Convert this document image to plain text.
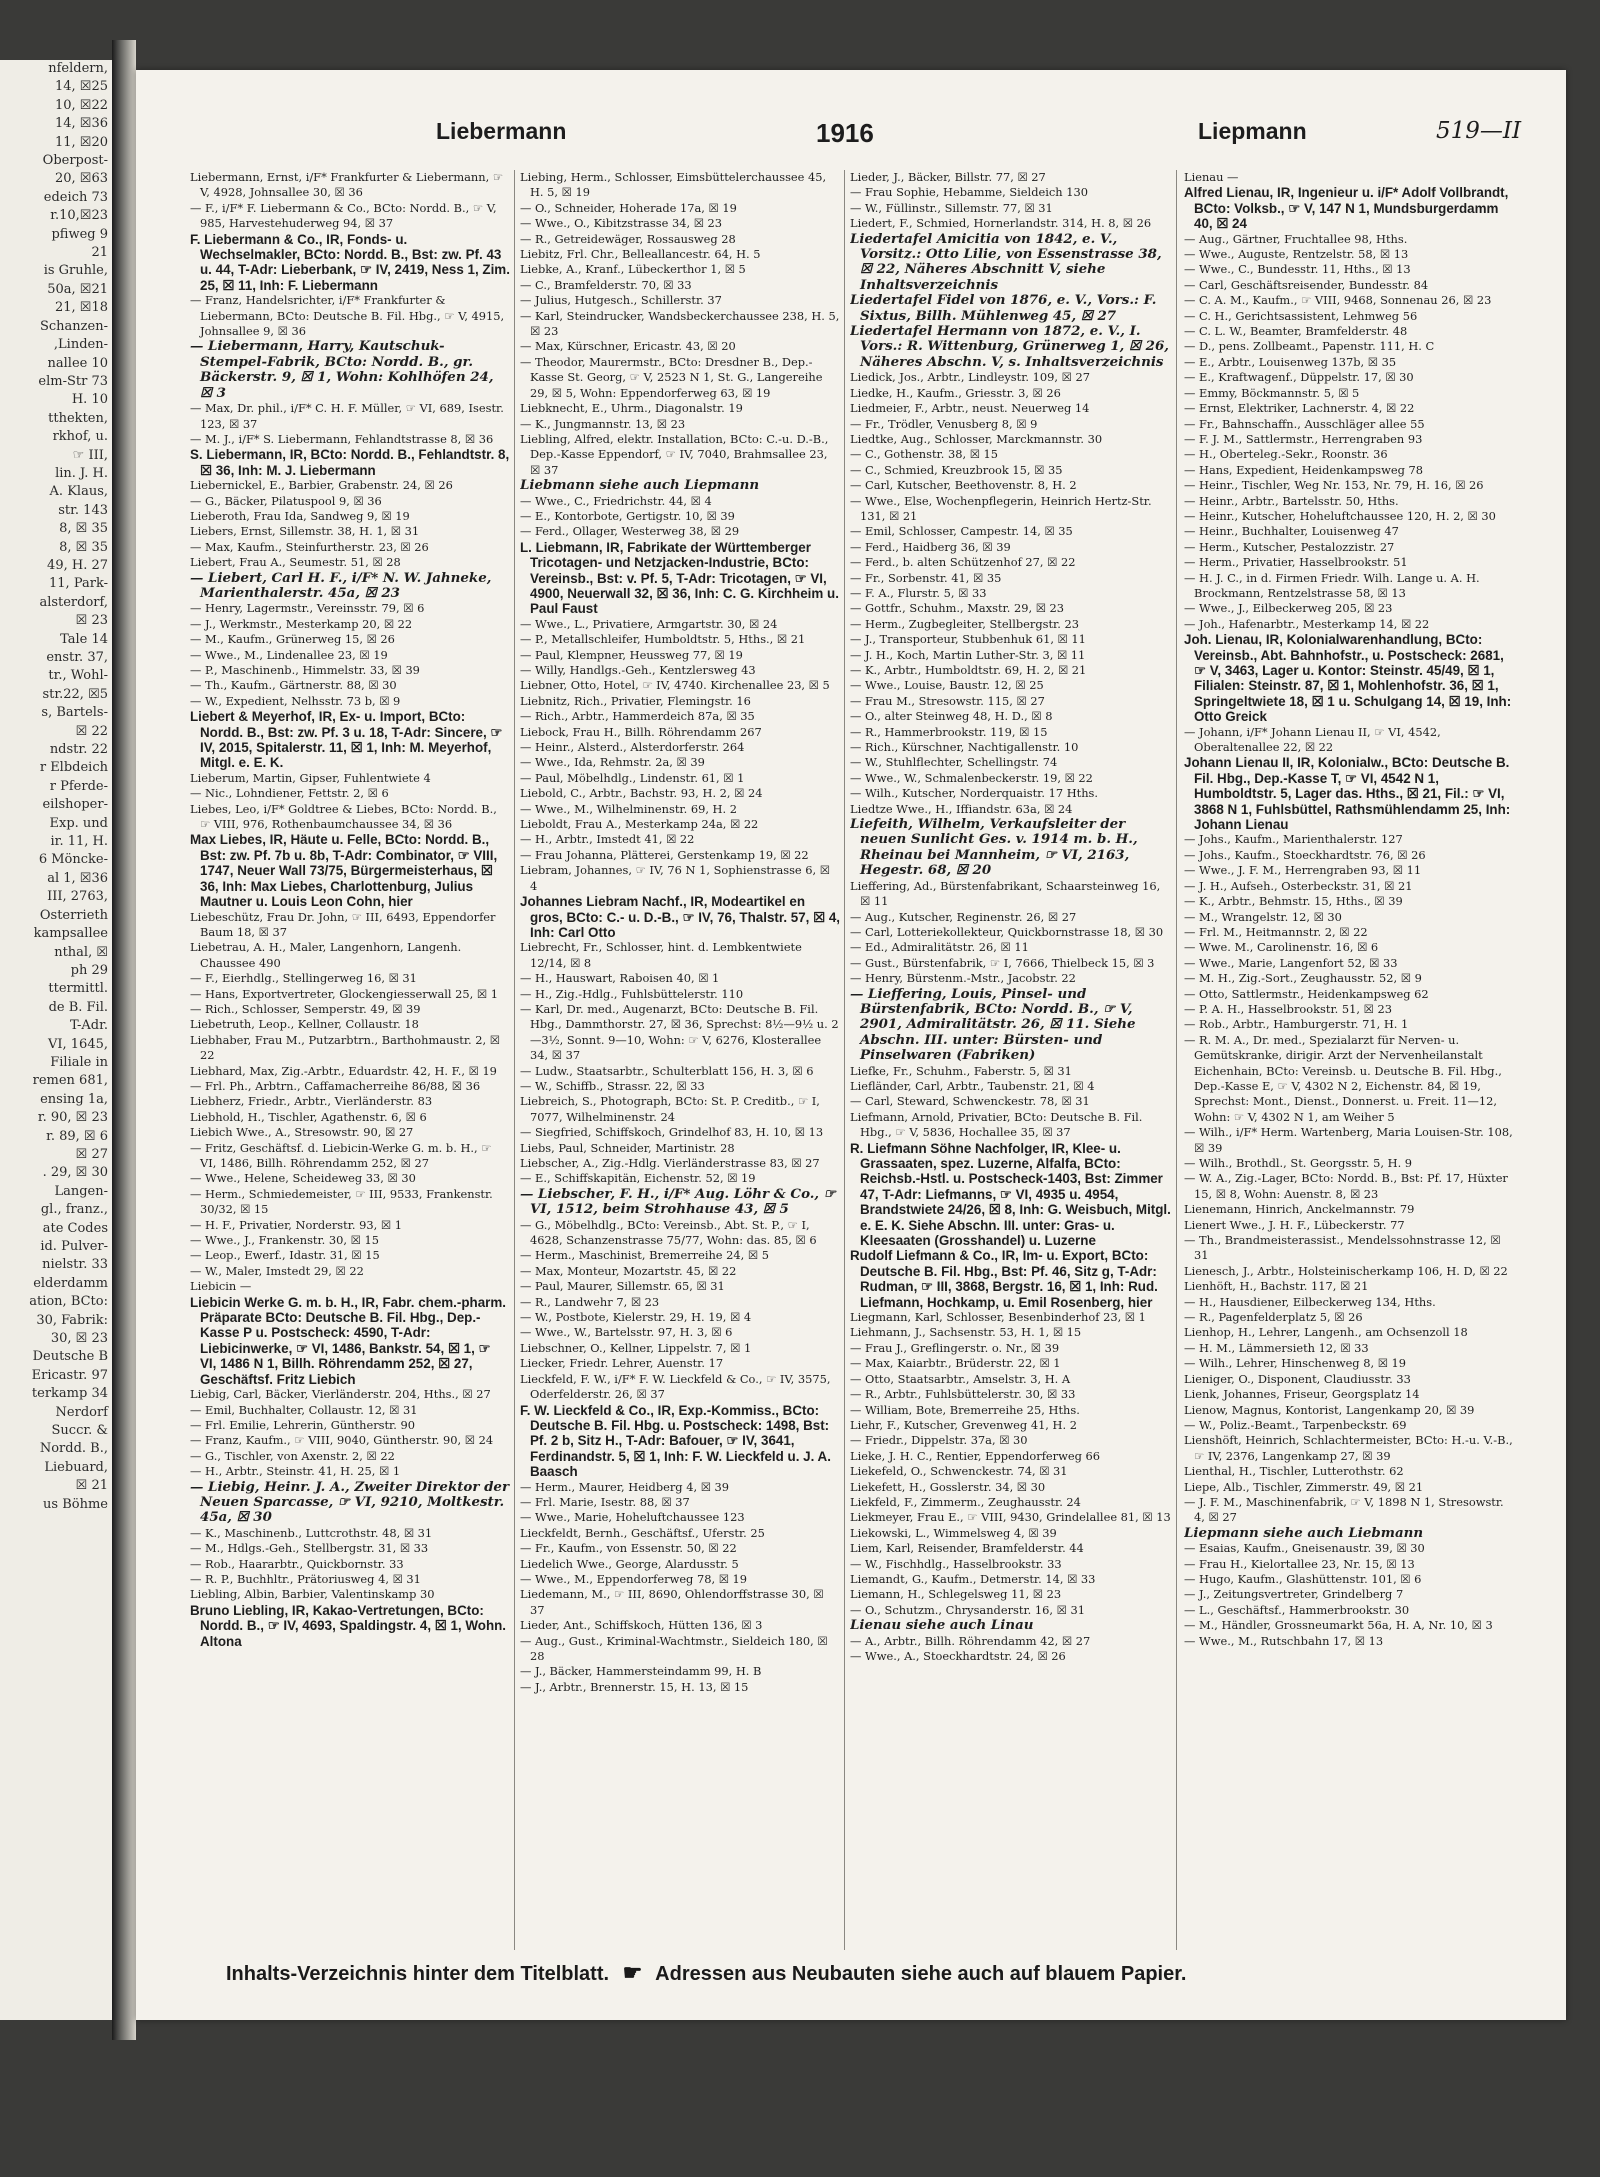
nfeldern,
14, ☒25
10, ☒22
14, ☒36
11, ☒20
Oberpost-
20, ☒63
edeich 73
r.10,☒23
pfiweg 9
21
is Gruhle,
50a, ☒21
21, ☒18
Schanzen-
,Linden-
nallee 10
elm-Str 73
H. 10
tthekten,
rkhof, u.
☞ III,
lin. J. H.
A. Klaus,
str. 143
8, ☒ 35
8, ☒ 35
49, H. 27
11, Park-
alsterdorf,
☒ 23
Tale 14
enstr. 37,
tr., Wohl-
str.22, ☒5
s, Bartels-
☒ 22
ndstr. 22
r Elbdeich
r Pferde-
eilshoper-
Exp. und
ir. 11, H.
6 Möncke-
al 1, ☒36
III, 2763,
Osterrieth
kampsallee
nthal, ☒
ph 29
ttermittl.
de B. Fil.
T-Adr.
VI, 1645,
Filiale in
remen 681,
ensing 1a,
r. 90, ☒ 23
r. 89, ☒ 6
☒ 27
. 29, ☒ 30
Langen-
gl., franz.,
ate Codes
id. Pulver-
nielstr. 33
elderdamm
ation, BCto:
30, Fabrik:
30, ☒ 23
Deutsche B
Ericastr. 97
terkamp 34
Nerdorf
Succr. &
Nordd. B.,
Liebuard,
☒ 21
us Böhme
Liebermann	1916	Liepmann	519—II
Liebermann, Ernst, i/F* Frankfurter & Liebermann, ☞ V, 4928, Johnsallee 30, ☒ 36
— F., i/F* F. Liebermann & Co., BCto: Nordd. B., ☞ V, 985, Harvestehuderweg 94, ☒ 37
F. Liebermann & Co., IR, Fonds- u. Wechselmakler, BCto: Nordd. B., Bst: zw. Pf. 43 u. 44, T-Adr: Lieberbank, ☞ IV, 2419, Ness 1, Zim. 25, ☒ 11, Inh: F. Liebermann
— Franz, Handelsrichter, i/F* Frankfurter & Liebermann, BCto: Deutsche B. Fil. Hbg., ☞ V, 4915, Johnsallee 9, ☒ 36
— Liebermann, Harry, Kautschuk-Stempel-Fabrik, BCto: Nordd. B., gr. Bäckerstr. 9, ☒ 1, Wohn: Kohlhöfen 24, ☒ 3
— Max, Dr. phil., i/F* C. H. F. Müller, ☞ VI, 689, Isestr. 123, ☒ 37
— M. J., i/F* S. Liebermann, Fehlandtstrasse 8, ☒ 36
S. Liebermann, IR, BCto: Nordd. B., Fehlandtstr. 8, ☒ 36, Inh: M. J. Liebermann
Liebernickel, E., Barbier, Grabenstr. 24, ☒ 26
— G., Bäcker, Pilatuspool 9, ☒ 36
Lieberoth, Frau Ida, Sandweg 9, ☒ 19
Liebers, Ernst, Sillemstr. 38, H. 1, ☒ 31
— Max, Kaufm., Steinfurtherstr. 23, ☒ 26
Liebert, Frau A., Seumestr. 51, ☒ 28
— Liebert, Carl H. F., i/F* N. W. Jahneke, Marienthalerstr. 45a, ☒ 23
— Henry, Lagermstr., Vereinsstr. 79, ☒ 6
— J., Werkmstr., Mesterkamp 20, ☒ 22
— M., Kaufm., Grünerweg 15, ☒ 26
— Wwe., M., Lindenallee 23, ☒ 19
— P., Maschinenb., Himmelstr. 33, ☒ 39
— Th., Kaufm., Gärtnerstr. 88, ☒ 30
— W., Expedient, Nelhsstr. 73 b, ☒ 9
Liebert & Meyerhof, IR, Ex- u. Import, BCto: Nordd. B., Bst: zw. Pf. 3 u. 18, T-Adr: Sincere, ☞ IV, 2015, Spitalerstr. 11, ☒ 1, Inh: M. Meyerhof, Mitgl. e. E. K.
Lieberum, Martin, Gipser, Fuhlentwiete 4
— Nic., Lohndiener, Fettstr. 2, ☒ 6
Liebes, Leo, i/F* Goldtree & Liebes, BCto: Nordd. B., ☞ VIII, 976, Rothenbaumchaussee 34, ☒ 36
Max Liebes, IR, Häute u. Felle, BCto: Nordd. B., Bst: zw. Pf. 7b u. 8b, T-Adr: Combinator, ☞ VIII, 1747, Neuer Wall 73/75, Bürgermeisterhaus, ☒ 36, Inh: Max Liebes, Charlottenburg, Julius Mautner u. Louis Leon Cohn, hier
Liebeschütz, Frau Dr. John, ☞ III, 6493, Eppendorfer Baum 18, ☒ 37
Liebetrau, A. H., Maler, Langenhorn, Langenh. Chaussee 490
— F., Eierhdlg., Stellingerweg 16, ☒ 31
— Hans, Exportvertreter, Glockengiesserwall 25, ☒ 1
— Rich., Schlosser, Semperstr. 49, ☒ 39
Liebetruth, Leop., Kellner, Collaustr. 18
Liebhaber, Frau M., Putzarbtrn., Barthohmaustr. 2, ☒ 22
Liebhard, Max, Zig.-Arbtr., Eduardstr. 42, H. F., ☒ 19
— Frl. Ph., Arbtrn., Caffamacherreihe 86/88, ☒ 36
Liebherz, Friedr., Arbtr., Vierländerstr. 83
Liebhold, H., Tischler, Agathenstr. 6, ☒ 6
Liebich Wwe., A., Stresowstr. 90, ☒ 27
— Fritz, Geschäftsf. d. Liebicin-Werke G. m. b. H., ☞ VI, 1486, Billh. Röhrendamm 252, ☒ 27
— Wwe., Helene, Scheideweg 33, ☒ 30
— Herm., Schmiedemeister, ☞ III, 9533, Frankenstr. 30/32, ☒ 15
— H. F., Privatier, Norderstr. 93, ☒ 1
— Wwe., J., Frankenstr. 30, ☒ 15
— Leop., Ewerf., Idastr. 31, ☒ 15
— W., Maler, Imstedt 29, ☒ 22
Liebicin —
Liebicin Werke G. m. b. H., IR, Fabr. chem.-pharm. Präparate BCto: Deutsche B. Fil. Hbg., Dep.-Kasse P u. Postscheck: 4590, T-Adr: Liebicinwerke, ☞ VI, 1486, Bankstr. 54, ☒ 1, ☞ VI, 1486 N 1, Billh. Röhrendamm 252, ☒ 27, Geschäftsf. Fritz Liebich
Liebig, Carl, Bäcker, Vierländerstr. 204, Hths., ☒ 27
— Emil, Buchhalter, Collaustr. 12, ☒ 31
— Frl. Emilie, Lehrerin, Güntherstr. 90
— Franz, Kaufm., ☞ VIII, 9040, Güntherstr. 90, ☒ 24
— G., Tischler, von Axenstr. 2, ☒ 22
— H., Arbtr., Steinstr. 41, H. 25, ☒ 1
— Liebig, Heinr. J. A., Zweiter Direktor der Neuen Sparcasse, ☞ VI, 9210, Moltkestr. 45a, ☒ 30
— K., Maschinenb., Luttcrothstr. 48, ☒ 31
— M., Hdlgs.-Geh., Stellbergstr. 31, ☒ 33
— Rob., Haararbtr., Quickbornstr. 33
— R. P., Buchhltr., Prätoriusweg 4, ☒ 31
Liebling, Albin, Barbier, Valentinskamp 30
Bruno Liebling, IR, Kakao-Vertretungen, BCto: Nordd. B., ☞ IV, 4693, Spaldingstr. 4, ☒ 1, Wohn. Altona
Liebing, Herm., Schlosser, Eimsbüttelerchaussee 45, H. 5, ☒ 19
— O., Schneider, Hoherade 17a, ☒ 19
— Wwe., O., Kibitzstrasse 34, ☒ 23
— R., Getreidewäger, Rossausweg 28
Liebitz, Frl. Chr., Belleallancestr. 64, H. 5
Liebke, A., Kranf., Lübeckerthor 1, ☒ 5
— C., Bramfelderstr. 70, ☒ 33
— Julius, Hutgesch., Schillerstr. 37
— Karl, Steindrucker, Wandsbeckerchaussee 238, H. 5, ☒ 23
— Max, Kürschner, Ericastr. 43, ☒ 20
— Theodor, Maurermstr., BCto: Dresdner B., Dep.-Kasse St. Georg, ☞ V, 2523 N 1, St. G., Langereihe 29, ☒ 5, Wohn: Eppendorferweg 63, ☒ 19
Liebknecht, E., Uhrm., Diagonalstr. 19
— K., Jungmannstr. 13, ☒ 23
Liebling, Alfred, elektr. Installation, BCto: C.-u. D.-B., Dep.-Kasse Eppendorf, ☞ IV, 7040, Brahmsallee 23, ☒ 37
Liebmann siehe auch Liepmann
— Wwe., C., Friedrichstr. 44, ☒ 4
— E., Kontorbote, Gertigstr. 10, ☒ 39
— Ferd., Ollager, Westerweg 38, ☒ 29
L. Liebmann, IR, Fabrikate der Württemberger Tricotagen- und Netzjacken-Industrie, BCto: Vereinsb., Bst: v. Pf. 5, T-Adr: Tricotagen, ☞ VI, 4900, Neuerwall 32, ☒ 36, Inh: C. G. Kirchheim u. Paul Faust
— Wwe., L., Privatiere, Armgartstr. 30, ☒ 24
— P., Metallschleifer, Humboldtstr. 5, Hths., ☒ 21
— Paul, Klempner, Heussweg 77, ☒ 19
— Willy, Handlgs.-Geh., Kentzlersweg 43
Liebner, Otto, Hotel, ☞ IV, 4740. Kirchenallee 23, ☒ 5
Liebnitz, Rich., Privatier, Flemingstr. 16
— Rich., Arbtr., Hammerdeich 87a, ☒ 35
Liebock, Frau H., Billh. Röhrendamm 267
— Heinr., Alsterd., Alsterdorferstr. 264
— Wwe., Ida, Rehmstr. 2a, ☒ 39
— Paul, Möbelhdlg., Lindenstr. 61, ☒ 1
Liebold, C., Arbtr., Bachstr. 93, H. 2, ☒ 24
— Wwe., M., Wilhelminenstr. 69, H. 2
Lieboldt, Frau A., Mesterkamp 24a, ☒ 22
— H., Arbtr., Imstedt 41, ☒ 22
— Frau Johanna, Plätterei, Gerstenkamp 19, ☒ 22
Liebram, Johannes, ☞ IV, 76 N 1, Sophienstrasse 6, ☒ 4
Johannes Liebram Nachf., IR, Modeartikel en gros, BCto: C.- u. D.-B., ☞ IV, 76, Thalstr. 57, ☒ 4, Inh: Carl Otto
Liebrecht, Fr., Schlosser, hint. d. Lembkentwiete 12/14, ☒ 8
— H., Hauswart, Raboisen 40, ☒ 1
— H., Zig.-Hdlg., Fuhlsbüttelerstr. 110
— Karl, Dr. med., Augenarzt, BCto: Deutsche B. Fil. Hbg., Dammthorstr. 27, ☒ 36, Sprechst: 8½—9½ u. 2—3½, Sonnt. 9—10, Wohn: ☞ V, 6276, Klosterallee 34, ☒ 37
— Ludw., Staatsarbtr., Schulterblatt 156, H. 3, ☒ 6
— W., Schiffb., Strassr. 22, ☒ 33
Liebreich, S., Photograph, BCto: St. P. Creditb., ☞ I, 7077, Wilhelminenstr. 24
— Siegfried, Schiffskoch, Grindelhof 83, H. 10, ☒ 13
Liebs, Paul, Schneider, Martinistr. 28
Liebscher, A., Zig.-Hdlg. Vierländerstrasse 83, ☒ 27
— E., Schiffskapitän, Eichenstr. 52, ☒ 19
— Liebscher, F. H., i/F* Aug. Löhr & Co., ☞ VI, 1512, beim Strohhause 43, ☒ 5
— G., Möbelhdlg., BCto: Vereinsb., Abt. St. P., ☞ I, 4628, Schanzenstrasse 75/77, Wohn: das. 85, ☒ 6
— Herm., Maschinist, Bremerreihe 24, ☒ 5
— Max, Monteur, Mozartstr. 45, ☒ 22
— Paul, Maurer, Sillemstr. 65, ☒ 31
— R., Landwehr 7, ☒ 23
— W., Postbote, Kielerstr. 29, H. 19, ☒ 4
— Wwe., W., Bartelsstr. 97, H. 3, ☒ 6
Liebschner, O., Kellner, Lippelstr. 7, ☒ 1
Liecker, Friedr. Lehrer, Auenstr. 17
Lieckfeld, F. W., i/F* F. W. Lieckfeld & Co., ☞ IV, 3575, Oderfelderstr. 26, ☒ 37
F. W. Lieckfeld & Co., IR, Exp.-Kommiss., BCto: Deutsche B. Fil. Hbg. u. Postscheck: 1498, Bst: Pf. 2 b, Sitz H., T-Adr: Bafouer, ☞ IV, 3641, Ferdinandstr. 5, ☒ 1, Inh: F. W. Lieckfeld u. J. A. Baasch
— Herm., Maurer, Heidberg 4, ☒ 39
— Frl. Marie, Isestr. 88, ☒ 37
— Wwe., Marie, Hoheluftchaussee 123
Lieckfeldt, Bernh., Geschäftsf., Uferstr. 25
— Fr., Kaufm., von Essenstr. 50, ☒ 22
Liedelich Wwe., George, Alardusstr. 5
— Wwe., M., Eppendorferweg 78, ☒ 19
Liedemann, M., ☞ III, 8690, Ohlendorffstrasse 30, ☒ 37
Lieder, Ant., Schiffskoch, Hütten 136, ☒ 3
— Aug., Gust., Kriminal-Wachtmstr., Sieldeich 180, ☒ 28
— J., Bäcker, Hammersteindamm 99, H. B
— J., Arbtr., Brennerstr. 15, H. 13, ☒ 15
Lieder, J., Bäcker, Billstr. 77, ☒ 27
— Frau Sophie, Hebamme, Sieldeich 130
— W., Füllinstr., Sillemstr. 77, ☒ 31
Liedert, F., Schmied, Hornerlandstr. 314, H. 8, ☒ 26
Liedertafel Amicitia von 1842, e. V., Vorsitz.: Otto Lilie, von Essenstrasse 38, ☒ 22, Näheres Abschnitt V, siehe Inhaltsverzeichnis
Liedertafel Fidel von 1876, e. V., Vors.: F. Sixtus, Billh. Mühlenweg 45, ☒ 27
Liedertafel Hermann von 1872, e. V., I. Vors.: R. Wittenburg, Grünerweg 1, ☒ 26, Näheres Abschn. V, s. Inhaltsverzeichnis
Liedick, Jos., Arbtr., Lindleystr. 109, ☒ 27
Liedke, H., Kaufm., Griesstr. 3, ☒ 26
Liedmeier, F., Arbtr., neust. Neuerweg 14
— Fr., Trödler, Venusberg 8, ☒ 9
Liedtke, Aug., Schlosser, Marckmannstr. 30
— C., Gothenstr. 38, ☒ 15
— C., Schmied, Kreuzbrook 15, ☒ 35
— Carl, Kutscher, Beethovenstr. 8, H. 2
— Wwe., Else, Wochenpflegerin, Heinrich Hertz-Str. 131, ☒ 21
— Emil, Schlosser, Campestr. 14, ☒ 35
— Ferd., Haidberg 36, ☒ 39
— Ferd., b. alten Schützenhof 27, ☒ 22
— Fr., Sorbenstr. 41, ☒ 35
— F. A., Flurstr. 5, ☒ 33
— Gottfr., Schuhm., Maxstr. 29, ☒ 23
— Herm., Zugbegleiter, Stellbergstr. 23
— J., Transporteur, Stubbenhuk 61, ☒ 11
— J. H., Koch, Martin Luther-Str. 3, ☒ 11
— K., Arbtr., Humboldtstr. 69, H. 2, ☒ 21
— Wwe., Louise, Baustr. 12, ☒ 25
— Frau M., Stresowstr. 115, ☒ 27
— O., alter Steinweg 48, H. D., ☒ 8
— R., Hammerbrookstr. 119, ☒ 15
— Rich., Kürschner, Nachtigallenstr. 10
— W., Stuhlflechter, Schellingstr. 74
— Wwe., W., Schmalenbeckerstr. 19, ☒ 22
— Wilh., Kutscher, Norderquaistr. 17 Hths.
Liedtze Wwe., H., Iffiandstr. 63a, ☒ 24
Liefeith, Wilhelm, Verkaufsleiter der neuen Sunlicht Ges. v. 1914 m. b. H., Rheinau bei Mannheim, ☞ VI, 2163, Hegestr. 68, ☒ 20
Lieffering, Ad., Bürstenfabrikant, Schaarsteinweg 16, ☒ 11
— Aug., Kutscher, Reginenstr. 26, ☒ 27
— Carl, Lotteriekollekteur, Quickbornstrasse 18, ☒ 30
— Ed., Admiralitätstr. 26, ☒ 11
— Gust., Bürstenfabrik, ☞ I, 7666, Thielbeck 15, ☒ 3
— Henry, Bürstenm.-Mstr., Jacobstr. 22
— Lieffering, Louis, Pinsel- und Bürstenfabrik, BCto: Nordd. B., ☞ V, 2901, Admiralitätstr. 26, ☒ 11. Siehe Abschn. III. unter: Bürsten- und Pinselwaren (Fabriken)
Liefke, Fr., Schuhm., Faberstr. 5, ☒ 31
Liefländer, Carl, Arbtr., Taubenstr. 21, ☒ 4
— Carl, Steward, Schwenckestr. 78, ☒ 31
Liefmann, Arnold, Privatier, BCto: Deutsche B. Fil. Hbg., ☞ V, 5836, Hochallee 35, ☒ 37
R. Liefmann Söhne Nachfolger, IR, Klee- u. Grassaaten, spez. Luzerne, Alfalfa, BCto: Reichsb.-Hstl. u. Postscheck-1403, Bst: Zimmer 47, T-Adr: Liefmanns, ☞ VI, 4935 u. 4954, Brandstwiete 24/26, ☒ 8, Inh: G. Weisbuch, Mitgl. e. E. K. Siehe Abschn. III. unter: Gras- u. Kleesaaten (Grosshandel) u. Luzerne
Rudolf Liefmann & Co., IR, Im- u. Export, BCto: Deutsche B. Fil. Hbg., Bst: Pf. 46, Sitz g, T-Adr: Rudman, ☞ III, 3868, Bergstr. 16, ☒ 1, Inh: Rud. Liefmann, Hochkamp, u. Emil Rosenberg, hier
Liegmann, Karl, Schlosser, Besenbinderhof 23, ☒ 1
Liehmann, J., Sachsenstr. 53, H. 1, ☒ 15
— Frau J., Greflingerstr. o. Nr., ☒ 39
— Max, Kaiarbtr., Brüderstr. 22, ☒ 1
— Otto, Staatsarbtr., Amselstr. 3, H. A
— R., Arbtr., Fuhlsbüttelerstr. 30, ☒ 33
— William, Bote, Bremerreihe 25, Hths.
Liehr, F., Kutscher, Grevenweg 41, H. 2
— Friedr., Dippelstr. 37a, ☒ 30
Lieke, J. H. C., Rentier, Eppendorferweg 66
Liekefeld, O., Schwenckestr. 74, ☒ 31
Liekefett, H., Gosslerstr. 34, ☒ 30
Liekfeld, F., Zimmerm., Zeughausstr. 24
Liekmeyer, Frau E., ☞ VIII, 9430, Grindelallee 81, ☒ 13
Liekowski, L., Wimmelsweg 4, ☒ 39
Liem, Karl, Reisender, Bramfelderstr. 44
— W., Fischhdlg., Hasselbrookstr. 33
Liemandt, G., Kaufm., Detmerstr. 14, ☒ 33
Liemann, H., Schlegelsweg 11, ☒ 23
— O., Schutzm., Chrysanderstr. 16, ☒ 31
Lienau siehe auch Linau
— A., Arbtr., Billh. Röhrendamm 42, ☒ 27
— Wwe., A., Stoeckhardtstr. 24, ☒ 26
Lienau —
Alfred Lienau, IR, Ingenieur u. i/F* Adolf Vollbrandt, BCto: Volksb., ☞ V, 147 N 1, Mundsburgerdamm 40, ☒ 24
— Aug., Gärtner, Fruchtallee 98, Hths.
— Wwe., Auguste, Rentzelstr. 58, ☒ 13
— Wwe., C., Bundesstr. 11, Hths., ☒ 13
— Carl, Geschäftsreisender, Bundesstr. 84
— C. A. M., Kaufm., ☞ VIII, 9468, Sonnenau 26, ☒ 23
— C. H., Gerichtsassistent, Lehmweg 56
— C. L. W., Beamter, Bramfelderstr. 48
— D., pens. Zollbeamt., Papenstr. 111, H. C
— E., Arbtr., Louisenweg 137b, ☒ 35
— E., Kraftwagenf., Düppelstr. 17, ☒ 30
— Emmy, Böckmannstr. 5, ☒ 5
— Ernst, Elektriker, Lachnerstr. 4, ☒ 22
— Fr., Bahnschaffn., Ausschläger allee 55
— F. J. M., Sattlermstr., Herrengraben 93
— H., Oberteleg.-Sekr., Roonstr. 36
— Hans, Expedient, Heidenkampsweg 78
— Heinr., Tischler, Weg Nr. 153, Nr. 79, H. 16, ☒ 26
— Heinr., Arbtr., Bartelsstr. 50, Hths.
— Heinr., Kutscher, Hoheluftchaussee 120, H. 2, ☒ 30
— Heinr., Buchhalter, Louisenweg 47
— Herm., Kutscher, Pestalozzistr. 27
— Herm., Privatier, Hasselbrookstr. 51
— H. J. C., in d. Firmen Friedr. Wilh. Lange u. A. H. Brockmann, Rentzelstrasse 58, ☒ 13
— Wwe., J., Eilbeckerweg 205, ☒ 23
— Joh., Hafenarbtr., Mesterkamp 14, ☒ 22
Joh. Lienau, IR, Kolonialwarenhandlung, BCto: Vereinsb., Abt. Bahnhofstr., u. Postscheck: 2681, ☞ V, 3463, Lager u. Kontor: Steinstr. 45/49, ☒ 1, Filialen: Steinstr. 87, ☒ 1, Mohlenhofstr. 36, ☒ 1, Springeltwiete 18, ☒ 1 u. Schulgang 14, ☒ 19, Inh: Otto Greick
— Johann, i/F* Johann Lienau II, ☞ VI, 4542, Oberaltenallee 22, ☒ 22
Johann Lienau II, IR, Kolonialw., BCto: Deutsche B. Fil. Hbg., Dep.-Kasse T, ☞ VI, 4542 N 1, Humboldtstr. 5, Lager das. Hths., ☒ 21, Fil.: ☞ VI, 3868 N 1, Fuhlsbüttel, Rathsmühlendamm 25, Inh: Johann Lienau
— Johs., Kaufm., Marienthalerstr. 127
— Johs., Kaufm., Stoeckhardtstr. 76, ☒ 26
— Wwe., J. F. M., Herrengraben 93, ☒ 11
— J. H., Aufseh., Osterbeckstr. 31, ☒ 21
— K., Arbtr., Behmstr. 15, Hths., ☒ 39
— M., Wrangelstr. 12, ☒ 30
— Frl. M., Heitmannstr. 2, ☒ 22
— Wwe. M., Carolinenstr. 16, ☒ 6
— Wwe., Marie, Langenfort 52, ☒ 33
— M. H., Zig.-Sort., Zeughausstr. 52, ☒ 9
— Otto, Sattlermstr., Heidenkampsweg 62
— P. A. H., Hasselbrookstr. 51, ☒ 23
— Rob., Arbtr., Hamburgerstr. 71, H. 1
— R. M. A., Dr. med., Spezialarzt für Nerven- u. Gemütskranke, dirigir. Arzt der Nervenheilanstalt Eichenhain, BCto: Vereinsb. u. Deutsche B. Fil. Hbg., Dep.-Kasse E, ☞ V, 4302 N 2, Eichenstr. 84, ☒ 19, Sprechst: Mont., Dienst., Donnerst. u. Freit. 11—12, Wohn: ☞ V, 4302 N 1, am Weiher 5
— Wilh., i/F* Herm. Wartenberg, Maria Louisen-Str. 108, ☒ 39
— Wilh., Brothdl., St. Georgsstr. 5, H. 9
— W. A., Zig.-Lager, BCto: Nordd. B., Bst: Pf. 17, Hüxter 15, ☒ 8, Wohn: Auenstr. 8, ☒ 23
Lienemann, Hinrich, Anckelmannstr. 79
Lienert Wwe., J. H. F., Lübeckerstr. 77
— Th., Brandmeisterassist., Mendelssohnstrasse 12, ☒ 31
Lienesch, J., Arbtr., Holsteinischerkamp 106, H. D, ☒ 22
Lienhöft, H., Bachstr. 117, ☒ 21
— H., Hausdiener, Eilbeckerweg 134, Hths.
— R., Pagenfelderplatz 5, ☒ 26
Lienhop, H., Lehrer, Langenh., am Ochsenzoll 18
— H. M., Lämmersieth 12, ☒ 33
— Wilh., Lehrer, Hinschenweg 8, ☒ 19
Lieniger, O., Disponent, Claudiusstr. 33
Lienk, Johannes, Friseur, Georgsplatz 14
Lienow, Magnus, Kontorist, Langenkamp 20, ☒ 39
— W., Poliz.-Beamt., Tarpenbeckstr. 69
Lienshöft, Heinrich, Schlachtermeister, BCto: H.-u. V.-B., ☞ IV, 2376, Langenkamp 27, ☒ 39
Lienthal, H., Tischler, Lutterothstr. 62
Liepe, Alb., Tischler, Zimmerstr. 49, ☒ 21
— J. F. M., Maschinenfabrik, ☞ V, 1898 N 1, Stresowstr. 4, ☒ 27
Liepmann siehe auch Liebmann
— Esaias, Kaufm., Gneisenaustr. 39, ☒ 30
— Frau H., Kielortallee 23, Nr. 15, ☒ 13
— Hugo, Kaufm., Glashüttenstr. 101, ☒ 6
— J., Zeitungsvertreter, Grindelberg 7
— L., Geschäftsf., Hammerbrookstr. 30
— M., Händler, Grossneumarkt 56a, H. A, Nr. 10, ☒ 3
— Wwe., M., Rutschbahn 17, ☒ 13
Inhalts-Verzeichnis hinter dem Titelblatt. ☛ Adressen aus Neubauten siehe auch auf blauem Papier.
